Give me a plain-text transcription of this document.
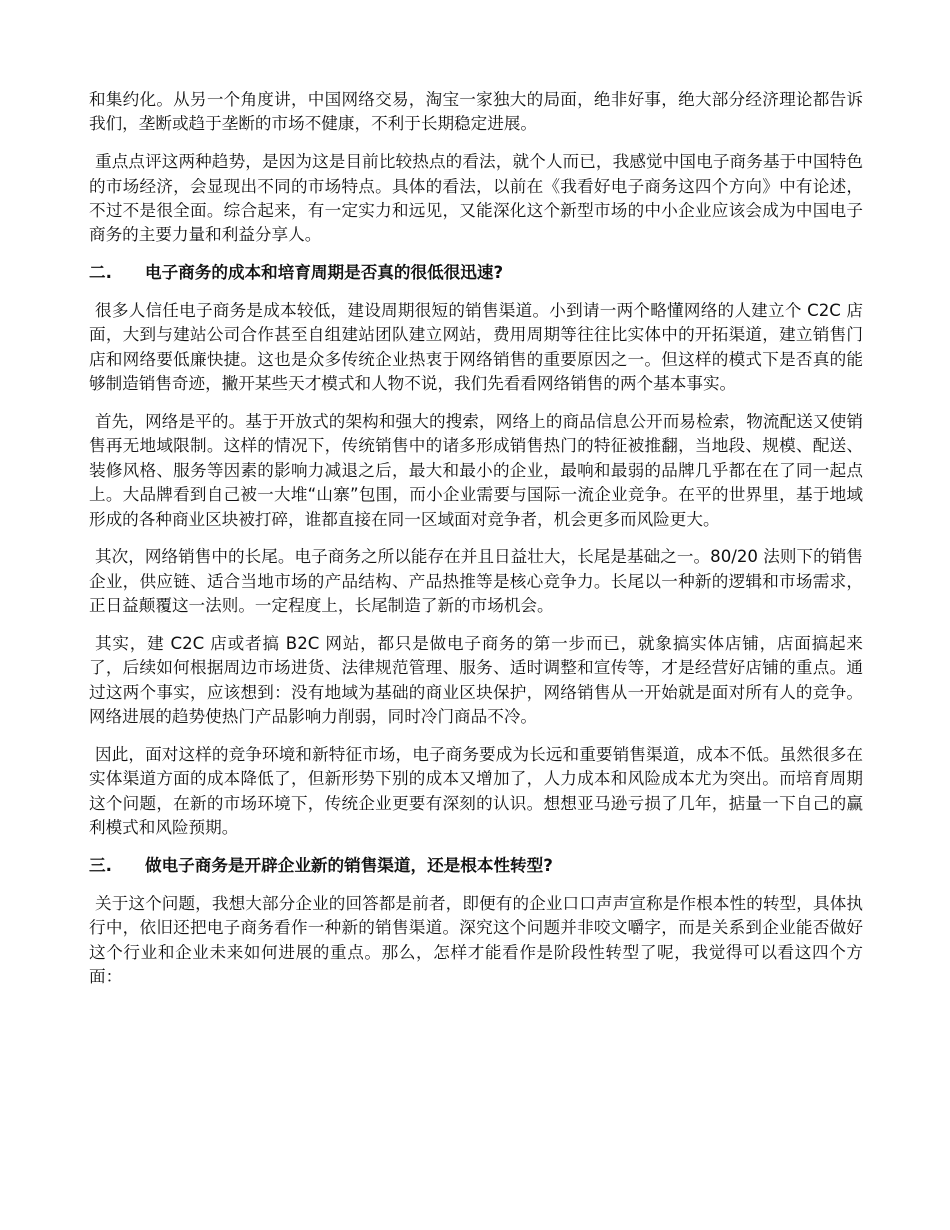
和集约化。从另一个角度讲，中国网络交易，淘宝一家独大的局面，绝非好事，绝大部分经济理论都告诉我们，垄断或趋于垄断的市场不健康，不利于长期稳定进展。

重点点评这两种趋势，是因为这是目前比较热点的看法，就个人而已，我感觉中国电子商务基于中国特色的市场经济，会显现出不同的市场特点。具体的看法，以前在《我看好电子商务这四个方向》中有论述，不过不是很全面。综合起来，有一定实力和远见，又能深化这个新型市场的中小企业应该会成为中国电子商务的主要力量和利益分享人。

二. 电子商务的成本和培育周期是否真的很低很迅速?

很多人信任电子商务是成本较低，建设周期很短的销售渠道。小到请一两个略懂网络的人建立个 C2C 店面，大到与建站公司合作甚至自组建站团队建立网站，费用周期等往往比实体中的开拓渠道，建立销售门店和网络要低廉快捷。这也是众多传统企业热衷于网络销售的重要原因之一。但这样的模式下是否真的能够制造销售奇迹，撇开某些天才模式和人物不说，我们先看看网络销售的两个基本事实。

首先，网络是平的。基于开放式的架构和强大的搜索，网络上的商品信息公开而易检索，物流配送又使销售再无地域限制。这样的情况下，传统销售中的诸多形成销售热门的特征被推翻，当地段、规模、配送、装修风格、服务等因素的影响力减退之后，最大和最小的企业，最响和最弱的品牌几乎都在在了同一起点上。大品牌看到自己被一大堆“山寨”包围，而小企业需要与国际一流企业竞争。在平的世界里，基于地域形成的各种商业区块被打碎，谁都直接在同一区域面对竞争者，机会更多而风险更大。

其次，网络销售中的长尾。电子商务之所以能存在并且日益壮大，长尾是基础之一。80/20 法则下的销售企业，供应链、适合当地市场的产品结构、产品热推等是核心竞争力。长尾以一种新的逻辑和市场需求，正日益颠覆这一法则。一定程度上，长尾制造了新的市场机会。

其实，建 C2C 店或者搞 B2C 网站，都只是做电子商务的第一步而已，就象搞实体店铺，店面搞起来了，后续如何根据周边市场进货、法律规范管理、服务、适时调整和宣传等，才是经营好店铺的重点。通过这两个事实，应该想到：没有地域为基础的商业区块保护，网络销售从一开始就是面对所有人的竞争。网络进展的趋势使热门产品影响力削弱，同时冷门商品不冷。

因此，面对这样的竞争环境和新特征市场，电子商务要成为长远和重要销售渠道，成本不低。虽然很多在实体渠道方面的成本降低了，但新形势下别的成本又增加了，人力成本和风险成本尤为突出。而培育周期这个问题，在新的市场环境下，传统企业更要有深刻的认识。想想亚马逊亏损了几年，掂量一下自己的赢利模式和风险预期。

三. 做电子商务是开辟企业新的销售渠道，还是根本性转型?

关于这个问题，我想大部分企业的回答都是前者，即便有的企业口口声声宣称是作根本性的转型，具体执行中，依旧还把电子商务看作一种新的销售渠道。深究这个问题并非咬文嚼字，而是关系到企业能否做好这个行业和企业未来如何进展的重点。那么，怎样才能看作是阶段性转型了呢，我觉得可以看这四个方面：
